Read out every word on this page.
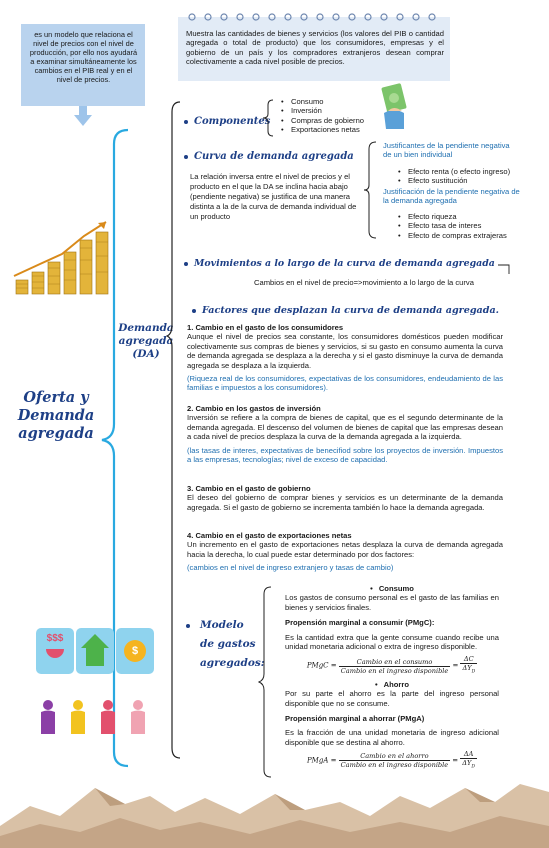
es un modelo que relaciona el nivel de precios con el nivel de producción, por ello nos ayudará a examinar simultáneamente los cambios en el PIB real y en el nivel de precios.
Muestra las cantidades de bienes y servicios (los valores del PIB o cantidad agregada o total de producto) que los consumidores, empresas y el gobierno de un país y los compradores extranjeros desean comprar colectivamente a cada nivel posible de precios.
Oferta y Demanda agregada
Demanda agregada (DA)
Componentes
• Consumo
• Inversión
• Compras de gobierno
• Exportaciones netas
Curva de demanda agregada
La relación inversa entre el nivel de precios y el producto en el que la DA se inclina hacia abajo (pendiente negativa) se justifica de una manera distinta a la de la curva de demanda individual de un producto
Justificantes de la pendiente negativa de un bien individual
• Efecto renta (o efecto ingreso)
• Efecto sustitución
Justificación de la pendiente negativa de la demanda agregada
• Efecto riqueza
• Efecto tasa de interes
• Efecto de compras extrajeras
Movimientos a lo largo de la curva de demanda agregada
Cambios en el nivel de precio=>movimiento a lo largo de la curva
Factores que desplazan la curva de demanda agregada.
1. Cambio en el gasto de los consumidores
Aunque el nivel de precios sea constante, los consumidores domésticos pueden modificar colectivamente sus compras de bienes y servicios, si su gasto en consumo aumenta la curva de demanda agregada se desplaza a la derecha y si el gasto disminuye la curva de demanda agregada se desplaza a la izquierda.
(Riqueza real de los consumidores, expectativas de los consumidores, endeudamiento de las familias e impuestos a los consumidores).
2. Cambio en los gastos de inversión
Inversión se refiere a la compra de bienes de capital, que es el segundo determinante de la demanda agregada. El descenso del volumen de bienes de capital que las empresas desean a cada nivel de precios desplaza la curva de la demanda agregada a la izquierda.
(las tasas de interes, expectativas de benecifiod sobre los proyectos de inversión. Impuestos a las empresas, tecnologías; nivel de exceso de capacidad.
3. Cambio en el gasto de gobierno
El deseo del gobierno de comprar bienes y servicios es un determinante de la demanda agregada. Si el gasto de gobierno se incrementa también lo hace la demanda agregada.
4. Cambio en el gasto de exportaciones netas
Un incremento en el gasto de exportaciones netas desplaza la curva de demanda agregada hacia la derecha, lo cual puede estar determinado por dos factores:
(cambios en el nivel de ingreso extranjero y tasas de cambio)
Modelo de gastos agregados:
• Consumo
Los gastos de consumo personal es el gasto de las familias en bienes y servicios finales.
Propensión marginal a consumir (PMgC):
Es la cantidad extra que la gente consume cuando recibe una unidad monetaria adicional o extra de ingreso disponible.
PMgC = $\frac{\text{Cambio en el consumo}}{\text{Cambio en el ingreso disponible}} = \frac{\Delta C}{\Delta Y_D}$
• Ahorro
Por su parte el ahorro es la parte del ingreso personal disponible que no se consume.
Propensión marginal a ahorrar (PMgA)
Es la fracción de una unidad monetaria de ingreso adicional disponible que se destina al ahorro.
PMgA = $\frac{\text{Cambio en el ahorro}}{\text{Cambio en el ingreso disponible}} = \frac{\Delta A}{\Delta Y_D}$
$$$
$
